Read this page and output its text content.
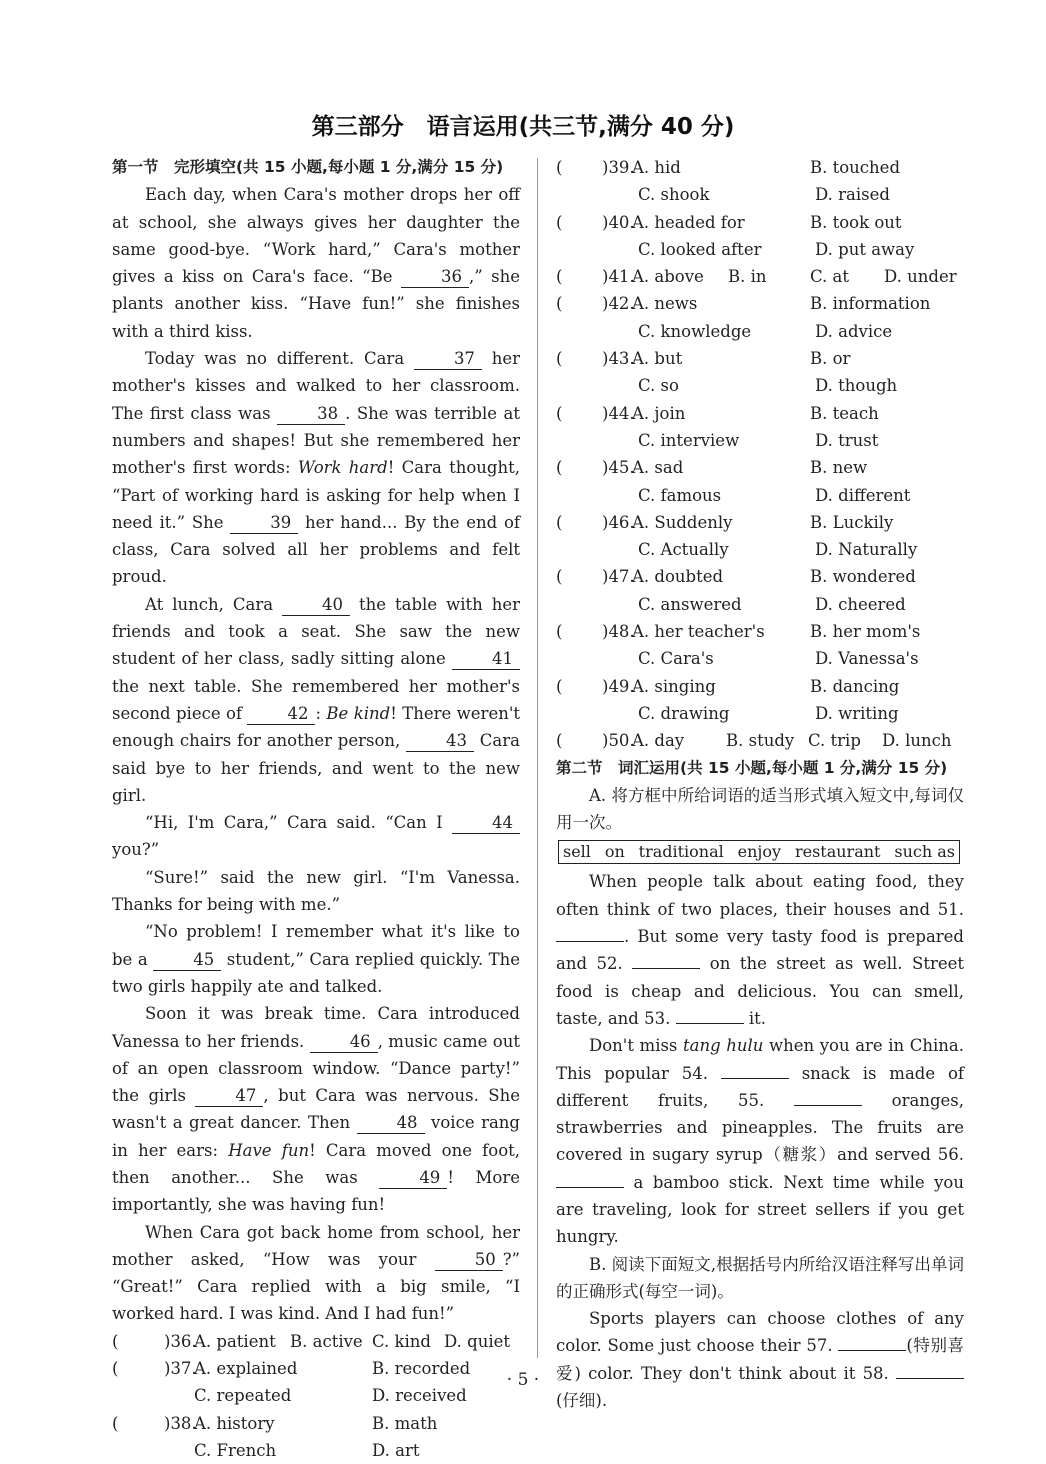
第三部分　语言运用(共三节,满分 40 分)
第一节　完形填空(共 15 小题,每小题 1 分,满分 15 分)

Each day, when Cara's mother drops her off at school, she always gives her daughter the same good-bye. “Work hard,” Cara's mother gives a kiss on Cara's face. “Be 36 ,” she plants another kiss. “Have fun!” she finishes with a third kiss.

Today was no different. Cara 37 her mother's kisses and walked to her classroom. The first class was 38 . She was terrible at numbers and shapes! But she remembered her mother's first words: Work hard! Cara thought, “Part of working hard is asking for help when I need it.” She 39 her hand... By the end of class, Cara solved all her problems and felt proud.

At lunch, Cara 40 the table with her friends and took a seat. She saw the new student of her class, sadly sitting alone 41 the next table. She remembered her mother's second piece of 42 : Be kind! There weren't enough chairs for another person, 43 Cara said bye to her friends, and went to the new girl.

“Hi, I'm Cara,” Cara said. “Can I 44 you?”

“Sure!” said the new girl. “I'm Vanessa. Thanks for being with me.”

“No problem! I remember what it's like to be a 45 student,” Cara replied quickly. The two girls happily ate and talked.

Soon it was break time. Cara introduced Vanessa to her friends. 46 , music came out of an open classroom window. “Dance party!” the girls 47 , but Cara was nervous. She wasn't a great dancer. Then 48 voice rang in her ears: Have fun! Cara moved one foot, then another... She was 49 ! More importantly, she was having fun!

When Cara got back home from school, her mother asked, “How was your 50 ?” “Great!” Cara replied with a big smile, “I worked hard. I was kind. And I had fun!”

(	)36.
A. patient B. active C. kind D. quiet
(	)37.
A. explained	B. recorded
C. repeated	D. received
(	)38.
A. history	B. math
C. French	D. art
(	)39.
A. hid	B. touched
C. shook	D. raised
(	)40.
A. headed for	B. took out
C. looked after	D. put away
(	)41.
A. above B. in	C. at D. under
(	)42.
A. news	B. information
C. knowledge	D. advice
(	)43.
A. but	B. or
C. so	D. though
(	)44.
A. join	B. teach
C. interview	D. trust
(	)45.
A. sad	B. new
C. famous	D. different
(	)46.
A. Suddenly	B. Luckily
C. Actually	D. Naturally
(	)47.
A. doubted	B. wondered
C. answered	D. cheered
(	)48.
A. her teacher's	B. her mom's
C. Cara's	D. Vanessa's
(	)49.
A. singing	B. dancing
C. drawing	D. writing
(	)50.
A. day	B. study C. trip D. lunch
第二节　词汇运用(共 15 小题,每小题 1 分,满分 15 分)

A. 将方框中所给词语的适当形式填入短文中,每词仅用一次。

sell on traditional enjoy restaurant such as

When people talk about eating food, they often think of two places, their houses and 51. . But some very tasty food is prepared and 52.	on the street as well. Street food is cheap and delicious. You can smell, taste, and 53.	it.

Don't miss tang hulu when you are in China. This popular 54.	snack is made of different fruits, 55.	oranges, strawberries and pineapples. The fruits are covered in sugary syrup（糖浆）and served 56.  a bamboo stick. Next time while you are traveling, look for street sellers if you get hungry.

B. 阅读下面短文,根据括号内所给汉语注释写出单词的正确形式(每空一词)。

Sports players can choose clothes of any color. Some just choose their 57.	(特别喜爱) color. They don't think about it 58. (仔细).

· 5 ·
